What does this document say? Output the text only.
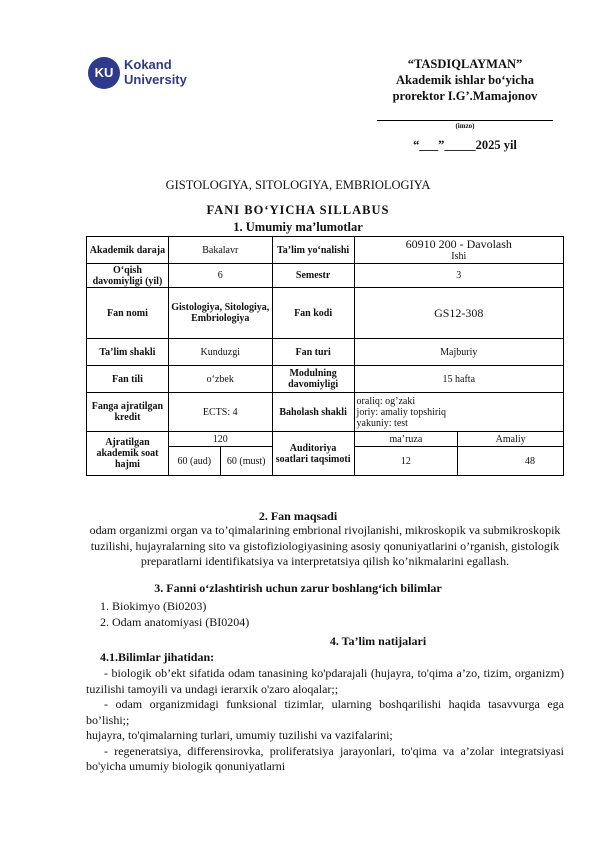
KU
Kokand
University
“TASDIQLAYMAN”
Akademik ishlar bo‘yicha
prorektor I.G’.Mamajonov
(imzo)
“___”_____2025 yil
GISTOLOGIYA, SITOLOGIYA, EMBRIOLOGIYA
FANI BO‘YICHA SILLABUS
1. Umumiy ma’lumotlar
Akademik daraja	Bakalavr		Ta’lim yo‘nalishi	60910 200 - Davolash
Ishi	

O‘qish davomiyligi (yil)	6		Semestr	3	
Fan nomi	Gistologiya, Sitologiya, Embriologiya		Fan kodi	GS12-308	
Ta’lim shakli	Kunduzgi		Fan turi	Majburiy	
Fan tili	o‘zbek		Modulning davomiyligi	15 hafta	
Fanga ajratilgan kredit	ECTS: 4		Baholash shakli	oraliq: og’zaki
joriy: amaliy topshiriq
yakuniy: test	

Ajratilgan akademik soat hajmi	120		Auditoriya soatlari taqsimoti	ma’ruza	Amaliy
	60 (aud)	60 (must)		12	48
2. Fan maqsadi
odam organizmi organ va to’qimalarining embrional rivojlanishi, mikroskopik va submikroskopik tuzilishi, hujayralarning sito va gistofiziologiyasining asosiy qonuniyatlarini o’rganish, gistologik preparatlarni identifikatsiya va interpretatsiya qilish ko’nikmalarini egallash.
3. Fanni o‘zlashtirish uchun zarur boshlang‘ich bilimlar
1. Biokimyo (Bi0203)
2. Odam anatomiyasi (BI0204)
4. Ta’lim natijalari
4.1.Bilimlar jihatidan:

- biologik ob’ekt sifatida odam tanasining ko'pdarajali (hujayra, to'qima a’zo, tizim, organizm) tuzilishi tamoyili va undagi ierarxik o'zaro aloqalar;;

- odam organizmidagi funksional tizimlar, ularning boshqarilishi haqida tasavvurga ega bo’lishi;;

hujayra, to'qimalarning turlari, umumiy tuzilishi va vazifalarini;

- regeneratsiya, differensirovka, proliferatsiya jarayonlari, to'qima va a’zolar integratsiyasi bo'yicha umumiy biologik qonuniyatlarni
